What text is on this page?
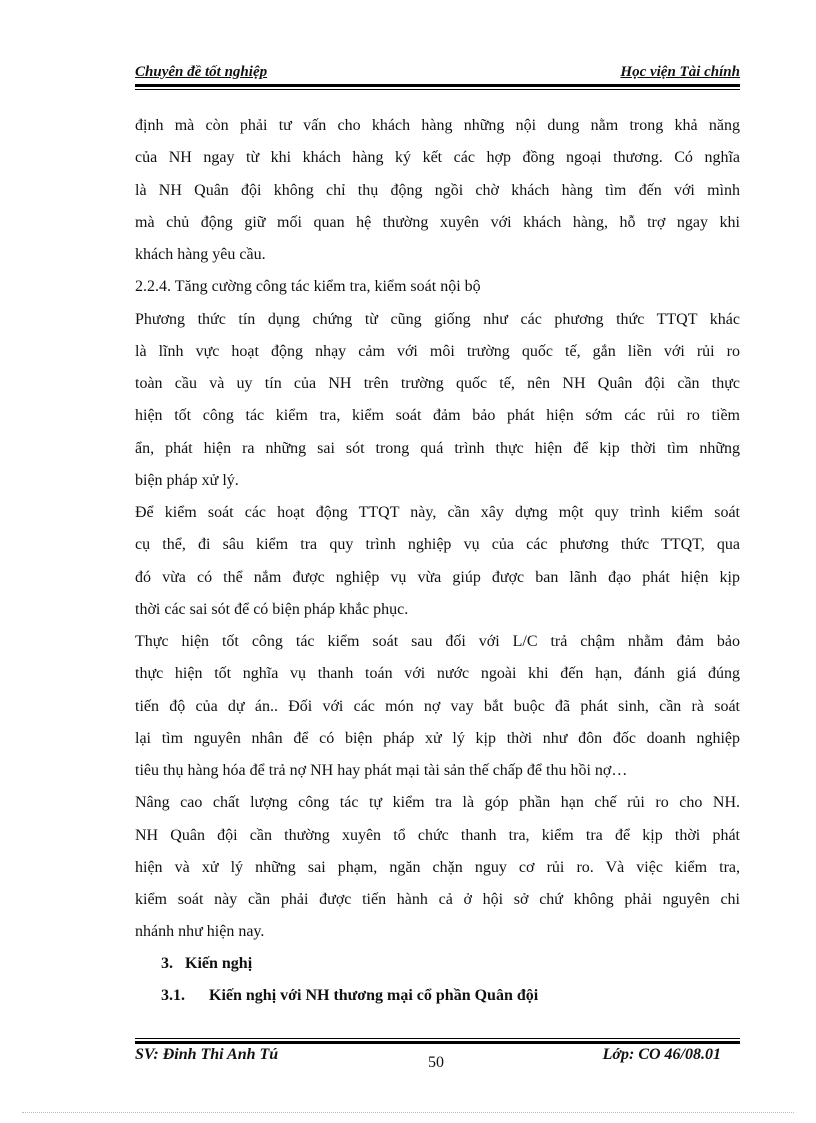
Chuyên đề tốt nghiệp	Học viện Tài chính
định mà còn phải tư vấn cho khách hàng những nội dung nằm trong khả năng
của NH ngay từ khi khách hàng ký kết các hợp đồng ngoại thương. Có nghĩa
là NH Quân đội không chỉ thụ động ngồi chờ khách hàng tìm đến với mình
mà chủ động giữ mối quan hệ thường xuyên với khách hàng, hỗ trợ ngay khi
khách hàng yêu cầu.
2.2.4. Tăng cường công tác kiểm tra, kiểm soát nội bộ
Phương thức tín dụng chứng từ cũng giống như các phương thức TTQT khác
là lĩnh vực hoạt động nhạy cảm với môi trường quốc tế, gắn liền với rủi ro
toàn cầu và uy tín của NH trên trường quốc tế, nên NH Quân đội cần thực
hiện tốt công tác kiểm tra, kiểm soát đảm bảo phát hiện sớm các rủi ro tiềm
ẩn, phát hiện ra những sai sót trong quá trình thực hiện để kịp thời tìm những
biện pháp xử lý.
Để kiểm soát các hoạt động TTQT này, cần xây dựng một quy trình kiểm soát
cụ thể, đi sâu kiểm tra quy trình nghiệp vụ của các phương thức TTQT, qua
đó vừa có thể nắm được nghiệp vụ vừa giúp được ban lãnh đạo phát hiện kịp
thời các sai sót để có biện pháp khắc phục.
Thực hiện tốt công tác kiểm soát sau đối với L/C trả chậm nhằm đảm bảo
thực hiện tốt nghĩa vụ thanh toán với nước ngoài khi đến hạn, đánh giá đúng
tiến độ của dự án.. Đối với các món nợ vay bắt buộc đã phát sinh, cần rà soát
lại tìm nguyên nhân để có biện pháp xử lý kịp thời như đôn đốc doanh nghiệp
tiêu thụ hàng hóa để trả nợ NH hay phát mại tài sản thế chấp để thu hồi nợ…
Nâng cao chất lượng công tác tự kiểm tra là góp phần hạn chế rủi ro cho NH.
NH Quân đội cần thường xuyên tổ chức thanh tra, kiểm tra để kịp thời phát
hiện và xử lý những sai phạm, ngăn chặn nguy cơ rủi ro. Và việc kiểm tra,
kiểm soát này cần phải được tiến hành cả ở hội sở chứ không phải nguyên chi
nhánh như hiện nay.
3. Kiến nghị
3.1. Kiến nghị với NH thương mại cổ phần Quân đội
SV: Đinh Thi Anh Tú	50	Lớp: CO 46/08.01
